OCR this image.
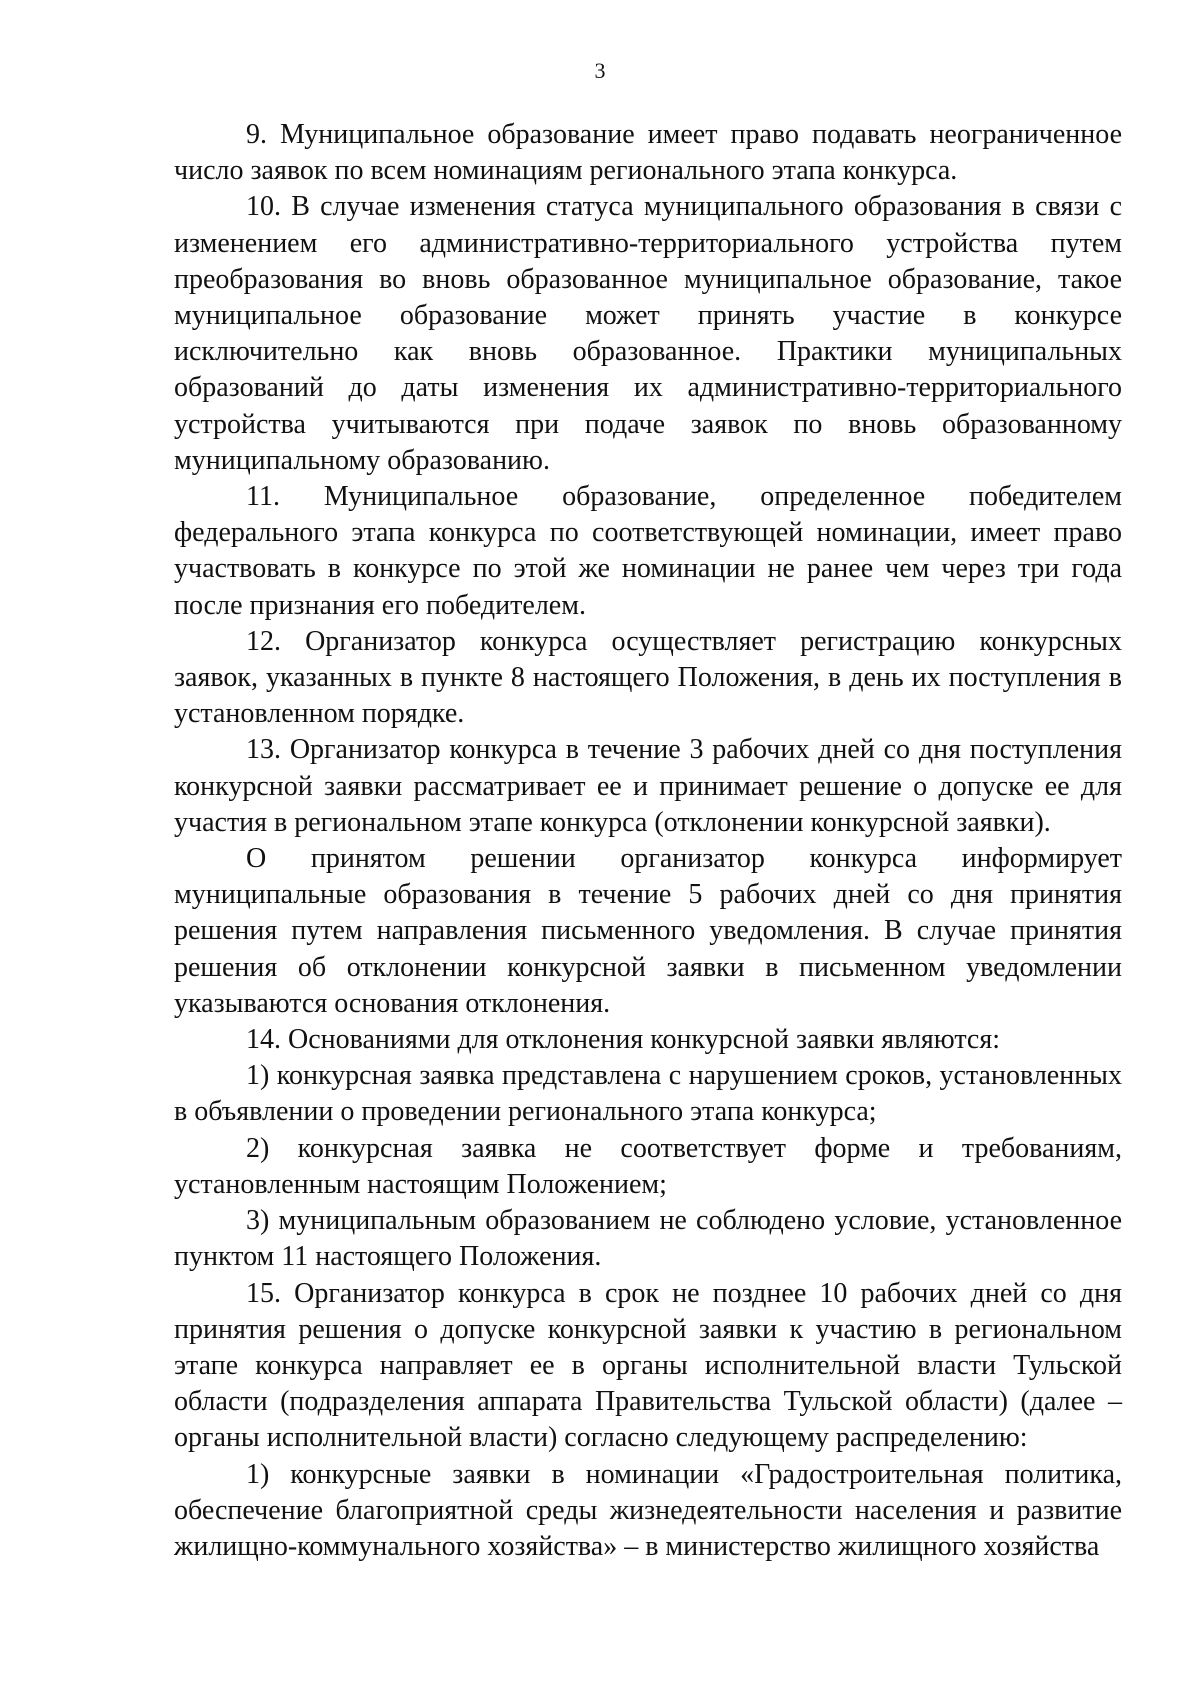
3

9. Муниципальное образование имеет право подавать неограниченное число заявок по всем номинациям регионального этапа конкурса.

10. В случае изменения статуса муниципального образования в связи с изменением его административно-территориального устройства путем преобразования во вновь образованное муниципальное образование, такое муниципальное образование может принять участие в конкурсе исключительно как вновь образованное. Практики муниципальных образований до даты изменения их административно-территориального устройства учитываются при подаче заявок по вновь образованному муниципальному образованию.

11. Муниципальное образование, определенное победителем федерального этапа конкурса по соответствующей номинации, имеет право участвовать в конкурсе по этой же номинации не ранее чем через три года после признания его победителем.

12. Организатор конкурса осуществляет регистрацию конкурсных заявок, указанных в пункте 8 настоящего Положения, в день их поступления в установленном порядке.

13. Организатор конкурса в течение 3 рабочих дней со дня поступления конкурсной заявки рассматривает ее и принимает решение о допуске ее для участия в региональном этапе конкурса (отклонении конкурсной заявки).

О принятом решении организатор конкурса информирует муниципальные образования в течение 5 рабочих дней со дня принятия решения путем направления письменного уведомления. В случае принятия решения об отклонении конкурсной заявки в письменном уведомлении указываются основания отклонения.

14. Основаниями для отклонения конкурсной заявки являются:

1) конкурсная заявка представлена с нарушением сроков, установленных в объявлении о проведении регионального этапа конкурса;

2) конкурсная заявка не соответствует форме и требованиям, установленным настоящим Положением;

3) муниципальным образованием не соблюдено условие, установленное пунктом 11 настоящего Положения.

15. Организатор конкурса в срок не позднее 10 рабочих дней со дня принятия решения о допуске конкурсной заявки к участию в региональном этапе конкурса направляет ее в органы исполнительной власти Тульской области (подразделения аппарата Правительства Тульской области) (далее – органы исполнительной власти) согласно следующему распределению:

1) конкурсные заявки в номинации «Градостроительная политика, обеспечение благоприятной среды жизнедеятельности населения и развитие жилищно-коммунального хозяйства» – в министерство жилищного хозяйства
